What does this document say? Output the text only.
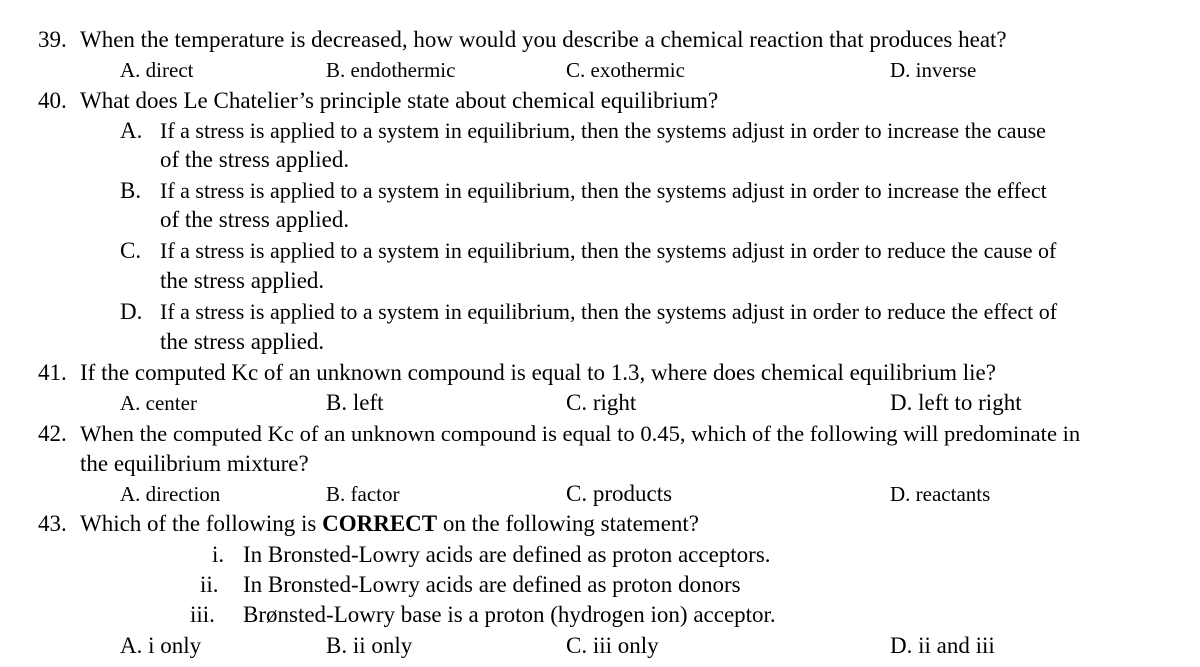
39. When the temperature is decreased, how would you describe a chemical reaction that produces heat?
A. direct	B. endothermic	C. exothermic	D. inverse
40. What does Le Chatelier’s principle state about chemical equilibrium?
A. If a stress is applied to a system in equilibrium, then the systems adjust in order to increase the cause
of the stress applied.
B. If a stress is applied to a system in equilibrium, then the systems adjust in order to increase the effect
of the stress applied.
C. If a stress is applied to a system in equilibrium, then the systems adjust in order to reduce the cause of
the stress applied.
D. If a stress is applied to a system in equilibrium, then the systems adjust in order to reduce the effect of
the stress applied.
41. If the computed Kc of an unknown compound is equal to 1.3, where does chemical equilibrium lie?
A. center	B. left	C. right	D. left to right
42. When the computed Kc of an unknown compound is equal to 0.45, which of the following will predominate in
the equilibrium mixture?
A. direction	B. factor	C. products	D. reactants
43. Which of the following is CORRECT on the following statement?
i. In Bronsted-Lowry acids are defined as proton acceptors.
ii. In Bronsted-Lowry acids are defined as proton donors
iii. Brønsted-Lowry base is a proton (hydrogen ion) acceptor.
A. i only	B. ii only	C. iii only	D. ii and iii
